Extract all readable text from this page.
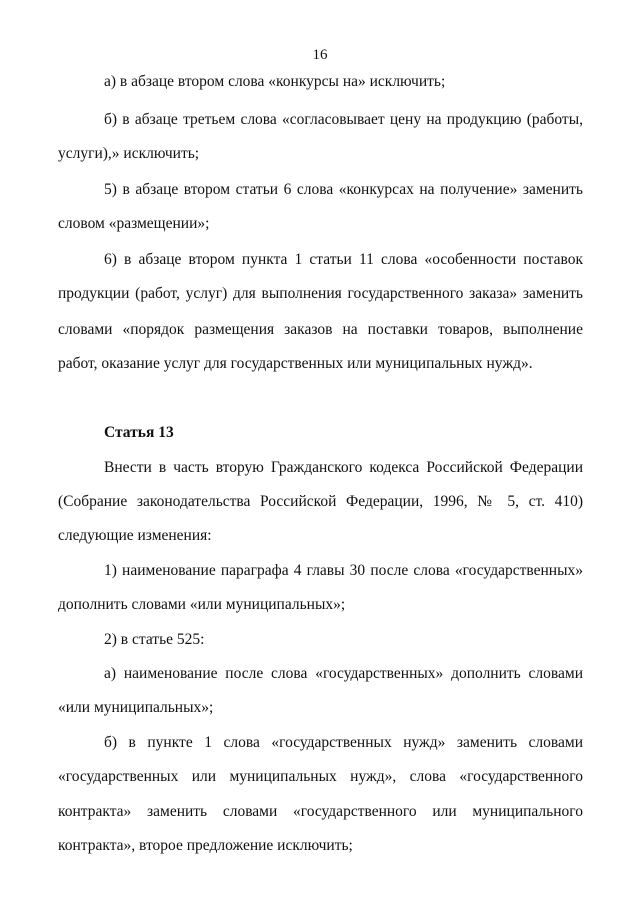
16
а) в абзаце втором слова «конкурсы на» исключить;
б) в абзаце третьем слова «согласовывает цену на продукцию (работы,
услуги),» исключить;
5) в абзаце втором статьи 6 слова «конкурсах на получение» заменить
словом «размещении»;
6) в абзаце втором пункта 1 статьи 11 слова «особенности поставок
продукции (работ, услуг) для выполнения государственного заказа» заменить
словами «порядок размещения заказов на поставки товаров, выполнение
работ, оказание услуг для государственных или муниципальных нужд».
Статья 13
Внести в часть вторую Гражданского кодекса Российской Федерации
(Собрание законодательства Российской Федерации, 1996, № 5, ст. 410)
следующие изменения:
1) наименование параграфа 4 главы 30 после слова «государственных»
дополнить словами «или муниципальных»;
2) в статье 525:
а) наименование после слова «государственных» дополнить словами
«или муниципальных»;
б) в пункте 1 слова «государственных нужд» заменить словами
«государственных или муниципальных нужд», слова «государственного
контракта» заменить словами «государственного или муниципального
контракта», второе предложение исключить;
